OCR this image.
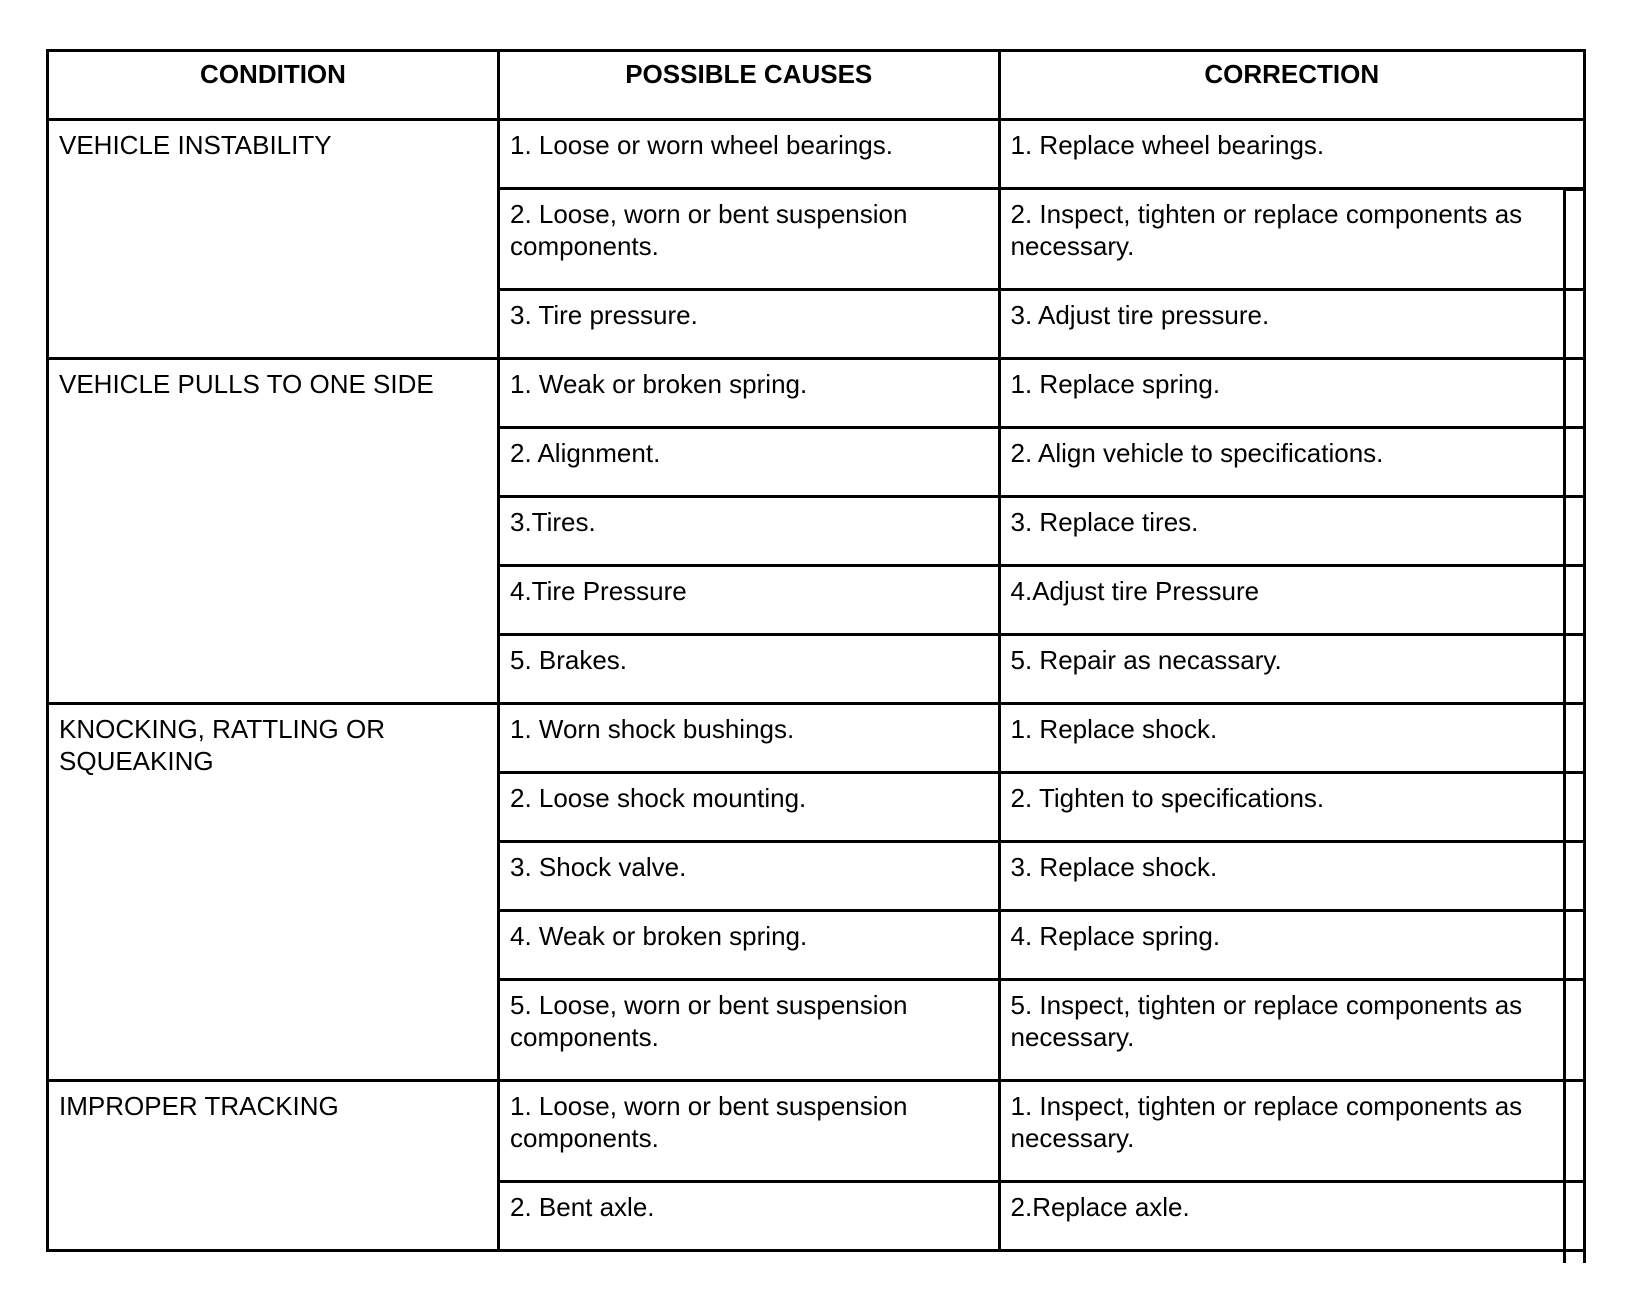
CONDITION	POSSIBLE CAUSES	CORRECTION
VEHICLE INSTABILITY	1. Loose or worn wheel bearings.	1. Replace wheel bearings.
	2. Loose, worn or bent suspension components.	2. Inspect, tighten or replace components as necessary.
	3. Tire pressure.	3. Adjust tire pressure.
VEHICLE PULLS TO ONE SIDE	1. Weak or broken spring.	1. Replace spring.
	2. Alignment.	2. Align vehicle to specifications.
	3.Tires.	3. Replace tires.
	4.Tire Pressure	4.Adjust tire Pressure
	5. Brakes.	5. Repair as necassary.
KNOCKING, RATTLING OR SQUEAKING	1. Worn shock bushings.	1. Replace shock.
	2. Loose shock mounting.	2. Tighten to specifications.
	3. Shock valve.	3. Replace shock.
	4. Weak or broken spring.	4. Replace spring.
	5. Loose, worn or bent suspension components.	5. Inspect, tighten or replace components as necessary.
IMPROPER TRACKING	1. Loose, worn or bent suspension components.	1. Inspect, tighten or replace components as necessary.
	2. Bent axle.	2.Replace axle.
